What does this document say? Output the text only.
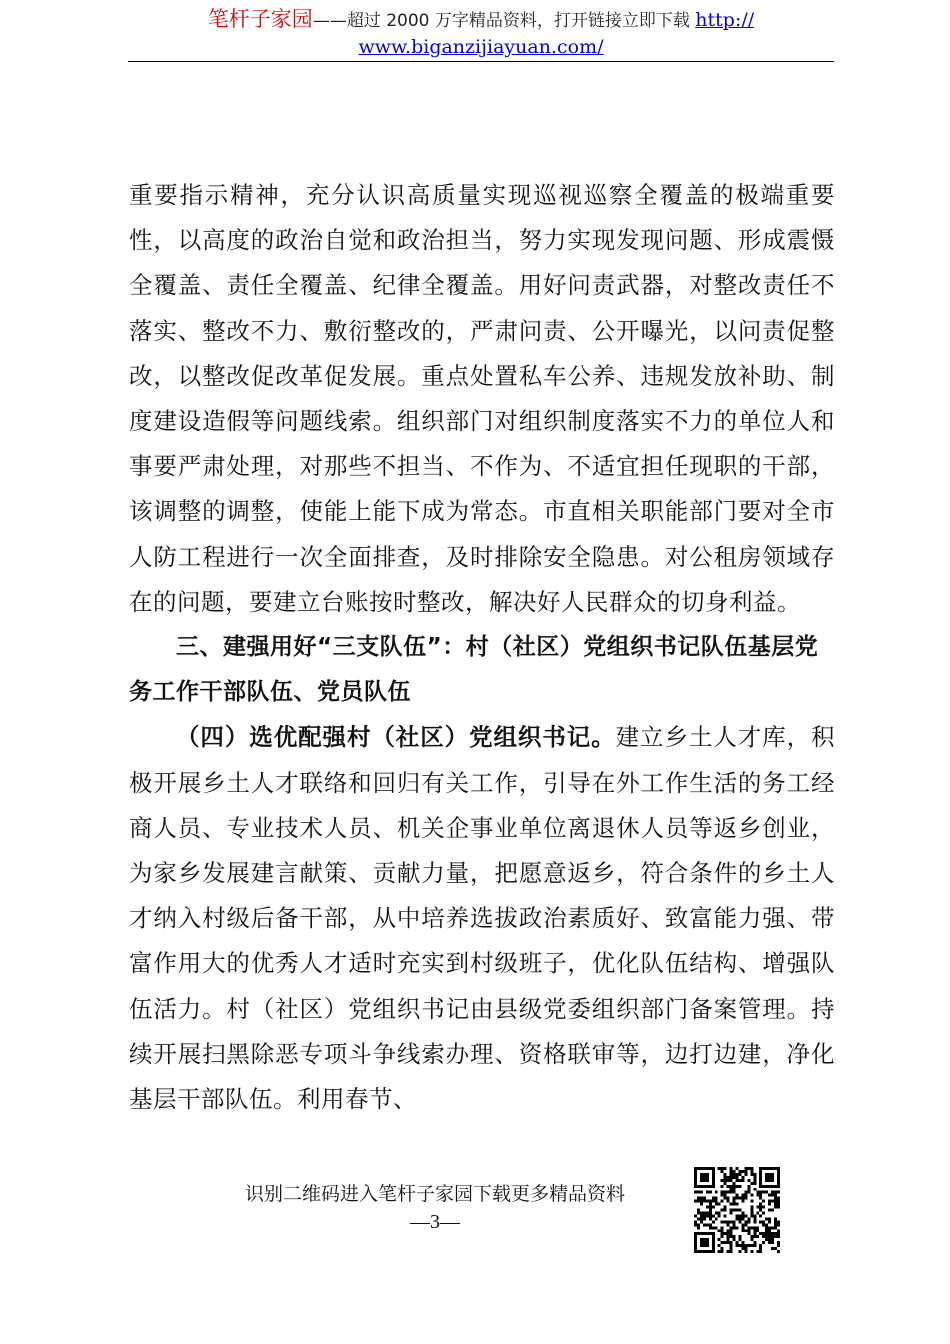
笔杆子家园——超过 2000 万字精品资料，打开链接立即下载 http://
www.biganzijiayuan.com/

重要指示精神，充分认识高质量实现巡视巡察全覆盖的极端重要性，以高度的政治自觉和政治担当，努力实现发现问题、形成震慑全覆盖、责任全覆盖、纪律全覆盖。用好问责武器，对整改责任不落实、整改不力、敷衍整改的，严肃问责、公开曝光，以问责促整改，以整改促改革促发展。重点处置私车公养、违规发放补助、制度建设造假等问题线索。组织部门对组织制度落实不力的单位人和事要严肃处理，对那些不担当、不作为、不适宜担任现职的干部，该调整的调整，使能上能下成为常态。市直相关职能部门要对全市人防工程进行一次全面排查，及时排除安全隐患。对公租房领域存在的问题，要建立台账按时整改，解决好人民群众的切身利益。

三、建强用好“三支队伍”：村（社区）党组织书记队伍基层党务工作干部队伍、党员队伍

（四）选优配强村（社区）党组织书记。建立乡土人才库，积极开展乡土人才联络和回归有关工作，引导在外工作生活的务工经商人员、专业技术人员、机关企事业单位离退休人员等返乡创业，为家乡发展建言献策、贡献力量，把愿意返乡，符合条件的乡土人才纳入村级后备干部，从中培养选拔政治素质好、致富能力强、带富作用大的优秀人才适时充实到村级班子，优化队伍结构、增强队伍活力。村（社区）党组织书记由县级党委组织部门备案管理。持续开展扫黑除恶专项斗争线索办理、资格联审等，边打边建，净化基层干部队伍。利用春节、

识别二维码进入笔杆子家园下载更多精品资料
—3—
